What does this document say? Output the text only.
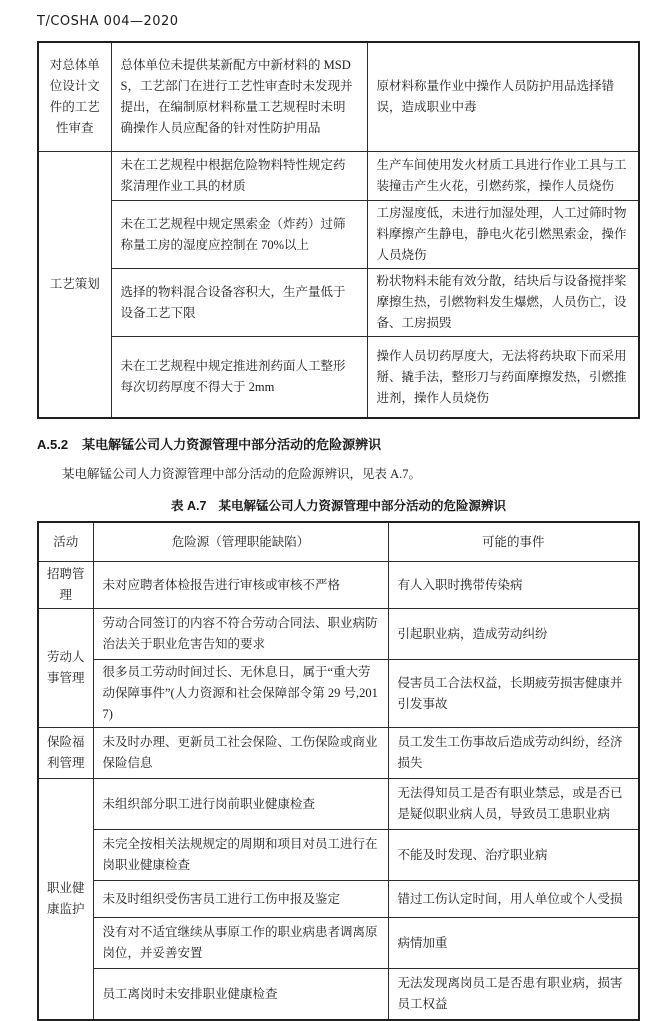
T/COSHA 004—2020
对总体单位设计文件的工艺性审查	总体单位未提供某新配方中新材料的 MSDS，工艺部门在进行工艺性审查时未发现并提出，在编制原材料称量工艺规程时未明确操作人员应配备的针对性防护用品	原材料称量作业中操作人员防护用品选择错误，造成职业中毒
工艺策划	未在工艺规程中根据危险物料特性规定药浆清理作业工具的材质	生产车间使用发火材质工具进行作业工具与工装撞击产生火花，引燃药浆，操作人员烧伤
	未在工艺规程中规定黑索金（炸药）过筛称量工房的湿度应控制在 70%以上	工房湿度低，未进行加湿处理，人工过筛时物料摩擦产生静电，静电火花引燃黑索金，操作人员烧伤
	选择的物料混合设备容积大，生产量低于设备工艺下限	粉状物料未能有效分散，结块后与设备搅拌桨摩擦生热，引燃物料发生爆燃，人员伤亡，设备、工房损毁
	未在工艺规程中规定推进剂药面人工整形每次切药厚度不得大于 2mm	操作人员切药厚度大，无法将药块取下而采用掰、撬手法，整形刀与药面摩擦发热，引燃推进剂，操作人员烧伤
A.5.2 某电解锰公司人力资源管理中部分活动的危险源辨识

某电解锰公司人力资源管理中部分活动的危险源辨识，见表 A.7。

表 A.7 某电解锰公司人力资源管理中部分活动的危险源辨识
活动	危险源（管理职能缺陷）	可能的事件
招聘管理	未对应聘者体检报告进行审核或审核不严格	有人入职时携带传染病
劳动人事管理	劳动合同签订的内容不符合劳动合同法、职业病防治法关于职业危害告知的要求	引起职业病，造成劳动纠纷
	很多员工劳动时间过长、无休息日，属于“重大劳动保障事件”(人力资源和社会保障部令第 29 号,2017)	侵害员工合法权益，长期疲劳损害健康并引发事故
保险福利管理	未及时办理、更新员工社会保险、工伤保险或商业保险信息	员工发生工伤事故后造成劳动纠纷，经济损失
职业健康监护	未组织部分职工进行岗前职业健康检查	无法得知员工是否有职业禁忌，或是否已是疑似职业病人员，导致员工患职业病
	未完全按相关法规规定的周期和项目对员工进行在岗职业健康检查	不能及时发现、治疗职业病
	未及时组织受伤害员工进行工伤申报及鉴定	错过工伤认定时间，用人单位或个人受损
	没有对不适宜继续从事原工作的职业病患者调离原岗位，并妥善安置	病情加重
	员工离岗时未安排职业健康检查	无法发现离岗员工是否患有职业病，损害员工权益
